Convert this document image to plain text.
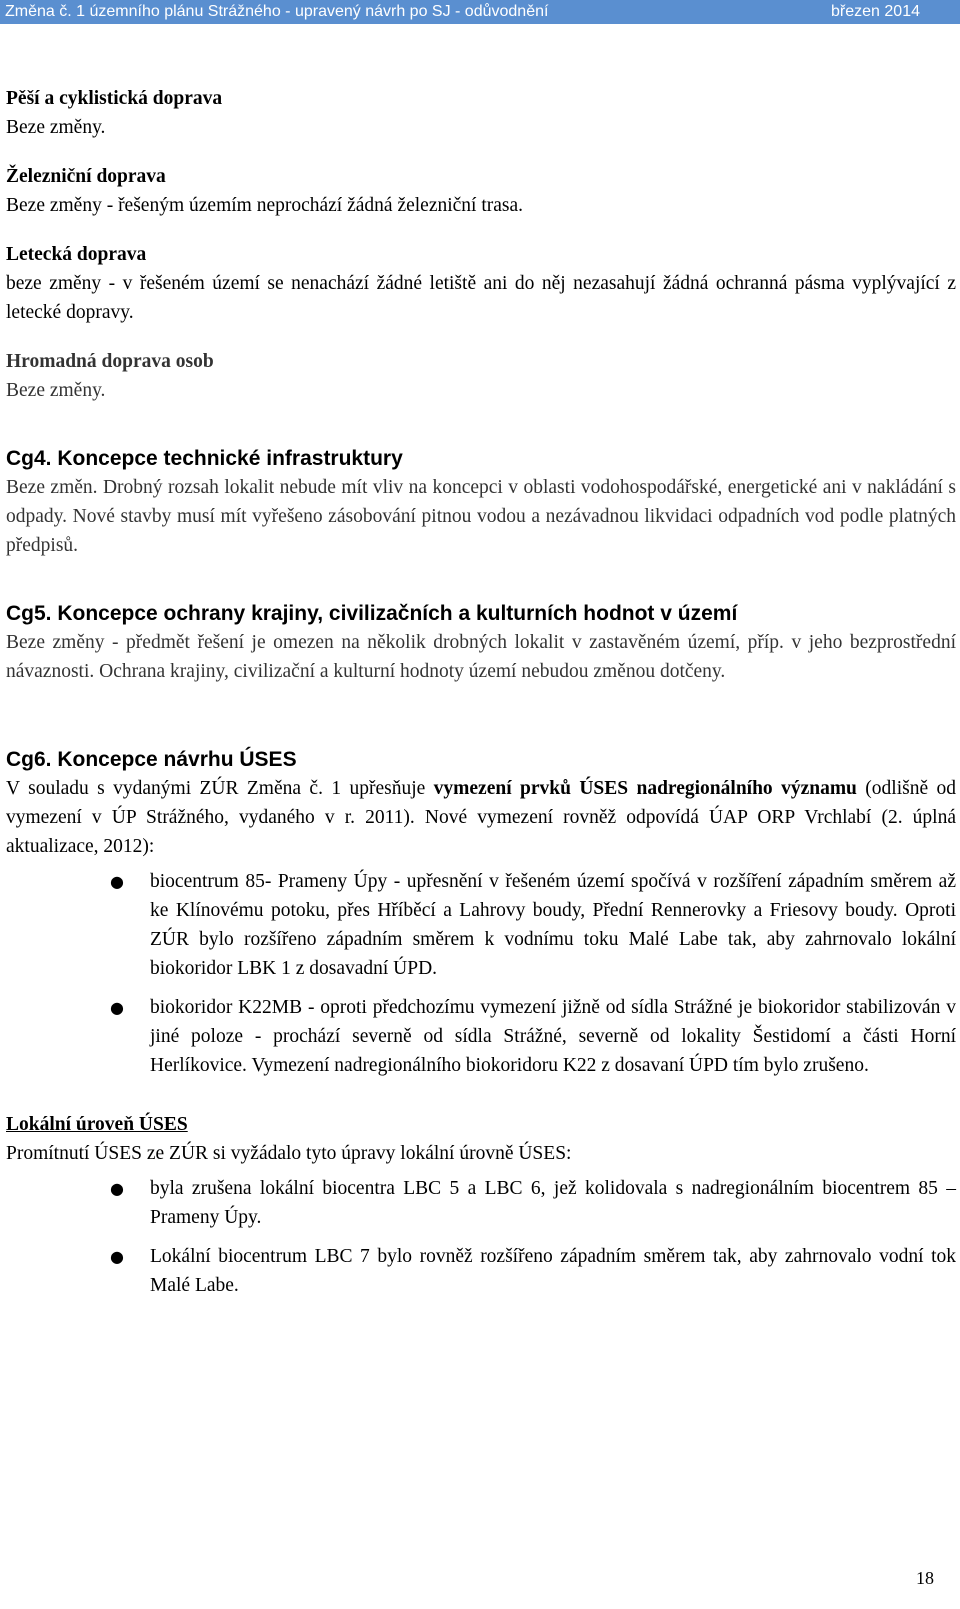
Změna č. 1 územního plánu Strážného - upravený návrh po SJ - odůvodnění	březen 2014

Pěší a cyklistická doprava

Beze změny.

Železniční doprava

Beze změny - řešeným územím neprochází žádná železniční trasa.

Letecká doprava

beze změny - v řešeném území se nenachází žádné letiště ani do něj nezasahují žádná ochranná pásma vyplývající z letecké dopravy.

Hromadná doprava osob

Beze změny.

Cg4. Koncepce technické infrastruktury

Beze změn. Drobný rozsah lokalit nebude mít vliv na koncepci v oblasti vodohospodářské, energetické ani v nakládání s odpady. Nové stavby musí mít vyřešeno zásobování pitnou vodou a nezávadnou likvidaci odpadních vod podle platných předpisů.

Cg5. Koncepce ochrany krajiny, civilizačních a kulturních hodnot v území

Beze změny - předmět řešení je omezen na několik drobných lokalit v zastavěném území, příp. v jeho bezprostřední návaznosti. Ochrana krajiny, civilizační a kulturní hodnoty území nebudou změnou dotčeny.

Cg6. Koncepce návrhu ÚSES

V souladu s vydanými ZÚR Změna č. 1 upřesňuje vymezení prvků ÚSES nadregionálního významu (odlišně od vymezení v ÚP Strážného, vydaného v r. 2011). Nové vymezení rovněž odpovídá ÚAP ORP Vrchlabí (2. úplná aktualizace, 2012):

● biocentrum 85- Prameny Úpy - upřesnění v řešeném území spočívá v rozšíření západním směrem až ke Klínovému potoku, přes Hříběcí a Lahrovy boudy, Přední Rennerovky a Friesovy boudy. Oproti ZÚR bylo rozšířeno západním směrem k vodnímu toku Malé Labe tak, aby zahrnovalo lokální biokoridor LBK 1 z dosavadní ÚPD.
● biokoridor K22MB - oproti předchozímu vymezení jižně od sídla Strážné je biokoridor stabilizován v jiné poloze - prochází severně od sídla Strážné, severně od lokality Šestidomí a části Horní Herlíkovice. Vymezení nadregionálního biokoridoru K22 z dosavaní ÚPD tím bylo zrušeno.

Lokální úroveň ÚSES

Promítnutí ÚSES ze ZÚR si vyžádalo tyto úpravy lokální úrovně ÚSES:

● byla zrušena lokální biocentra LBC 5 a LBC 6, jež kolidovala s nadregionálním biocentrem 85 – Prameny Úpy.
● Lokální biocentrum LBC 7 bylo rovněž rozšířeno západním směrem tak, aby zahrnovalo vodní tok Malé Labe.
18
